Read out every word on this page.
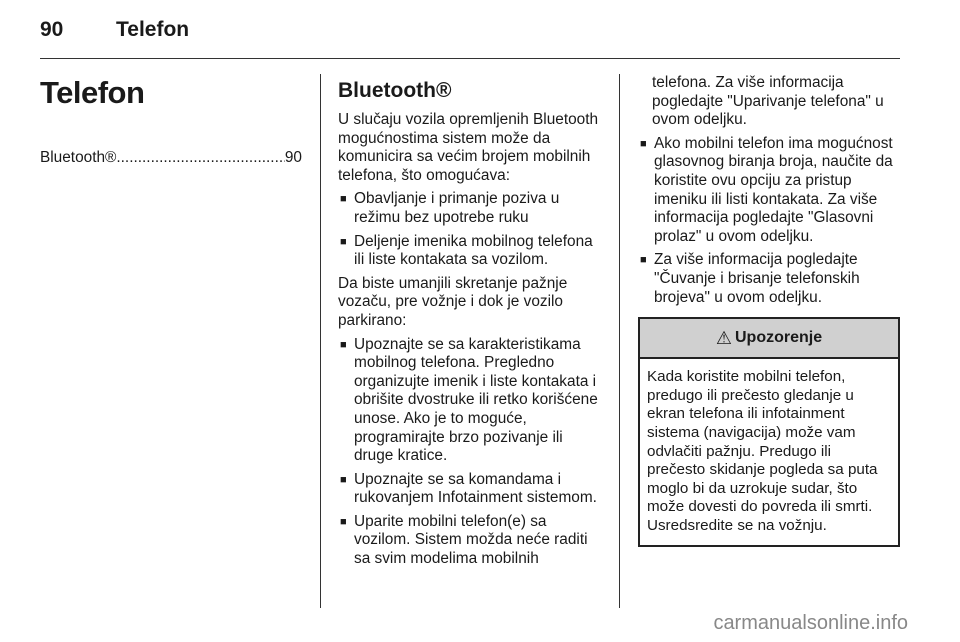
90	Telefon
Telefon
Bluetooth®
.....	90
Bluetooth®

U slučaju vozila opremljenih Bluetooth mogućnostima sistem može da komunicira sa većim brojem mobilnih telefona, što omogućava:

■ Obavljanje i primanje poziva u režimu bez upotrebe ruku
■ Deljenje imenika mobilnog telefona ili liste kontakata sa vozilom.

Da biste umanjili skretanje pažnje vozaču, pre vožnje i dok je vozilo parkirano:

■ Upoznajte se sa karakteristikama mobilnog telefona. Pregledno organizujte imenik i liste kontakata i obrišite dvostruke ili retko korišćene unose. Ako je to moguće, programirajte brzo pozivanje ili druge kratice.
■ Upoznajte se sa komandama i rukovanjem Infotainment sistemom.
■ Uparite mobilni telefon(e) sa vozilom. Sistem možda neće raditi sa svim modelima mobilnih
telefona. Za više informacija pogledajte "Uparivanje telefona" u ovom odeljku.
■ Ako mobilni telefon ima mogućnost glasovnog biranja broja, naučite da koristite ovu opciju za pristup imeniku ili listi kontakata. Za više informacija pogledajte "Glasovni prolaz" u ovom odeljku.
■ Za više informacija pogledajte "Čuvanje i brisanje telefonskih brojeva" u ovom odeljku.
⚠ Upozorenje
Kada koristite mobilni telefon, predugo ili prečesto gledanje u ekran telefona ili infotainment sistema (navigacija) može vam odvlačiti pažnju. Predugo ili prečesto skidanje pogleda sa puta moglo bi da uzrokuje sudar, što može dovesti do povreda ili smrti. Usredsredite se na vožnju.
carmanualsonline.info
